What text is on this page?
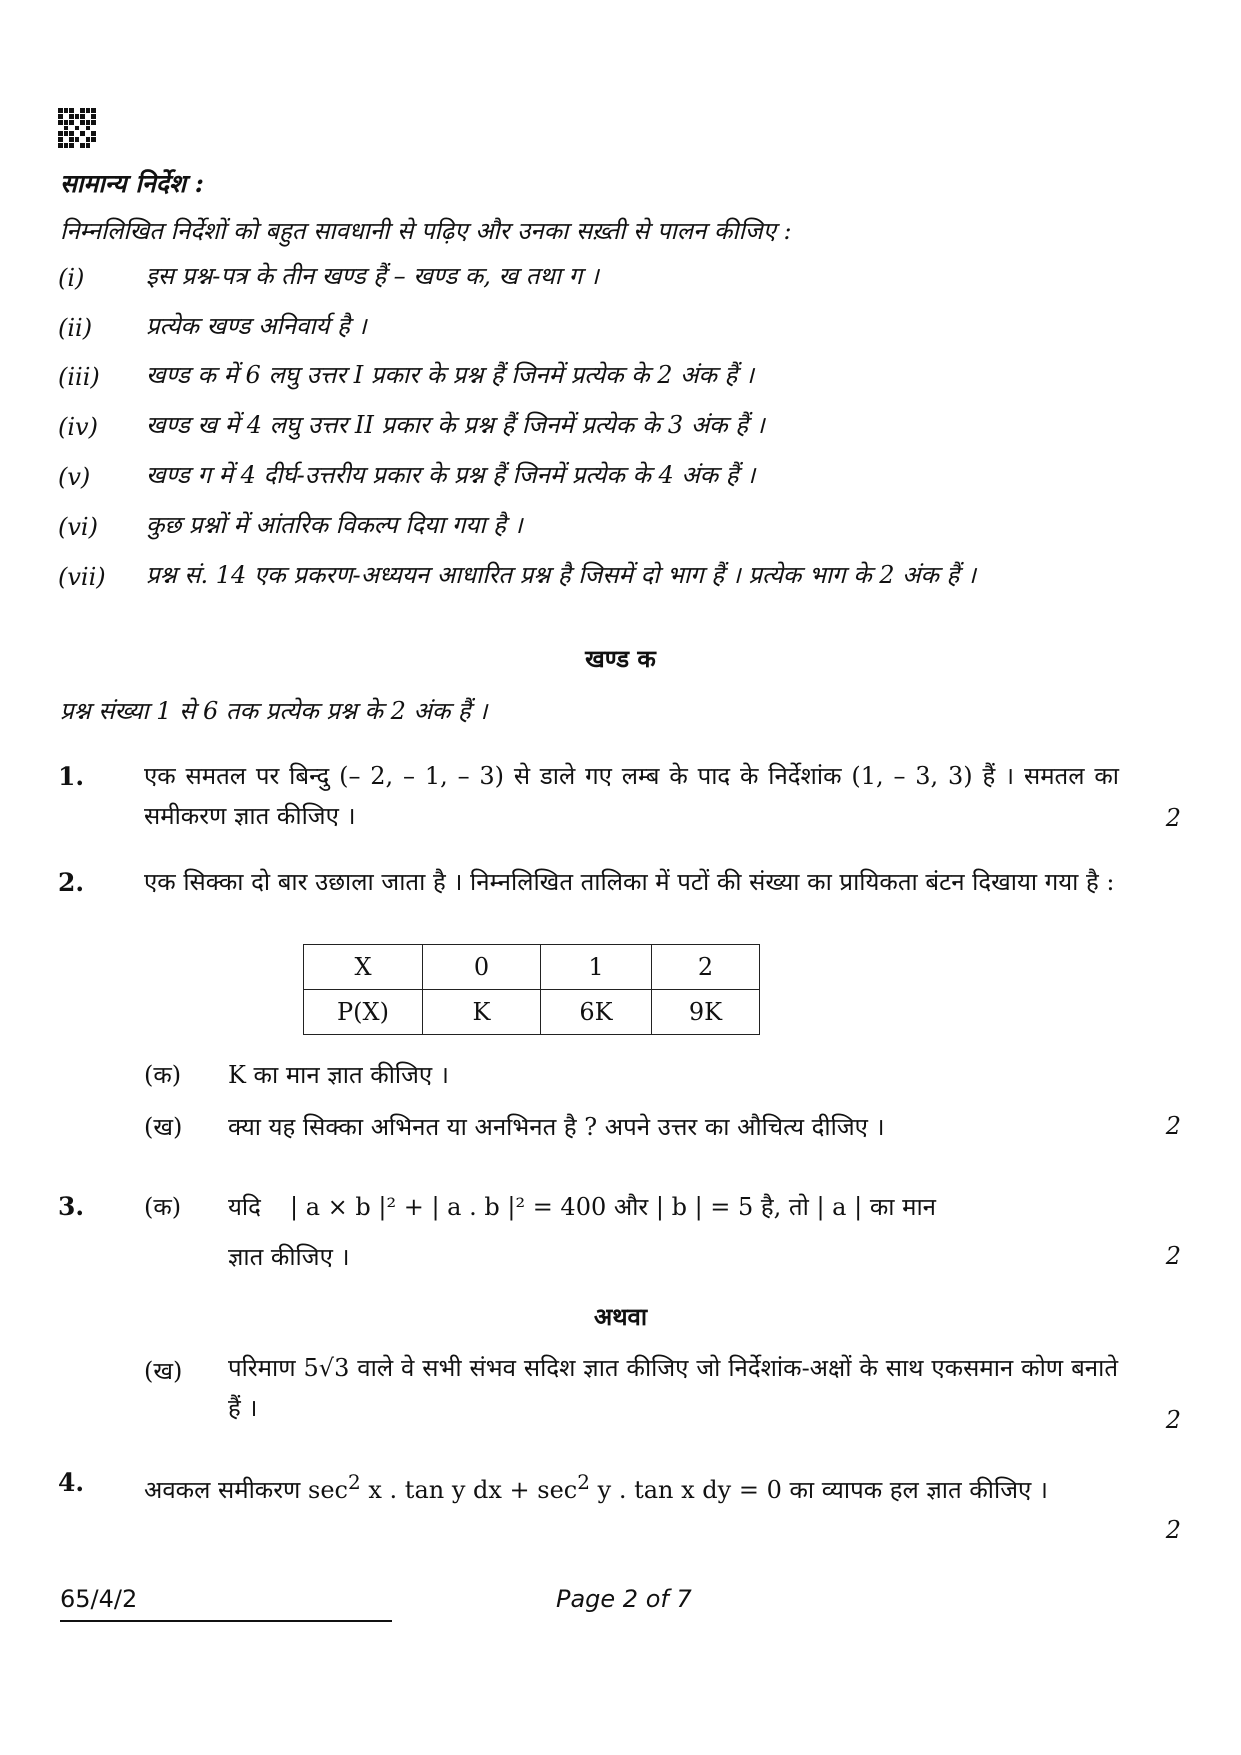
सामान्य निर्देश :
निम्नलिखित निर्देशों को बहुत सावधानी से पढ़िए और उनका सख़्ती से पालन कीजिए :
(i)	इस प्रश्न-पत्र के तीन खण्ड हैं – खण्ड क, ख तथा ग ।
(ii) प्रत्येक खण्ड अनिवार्य है ।
(iii) खण्ड क में 6 लघु उत्तर I प्रकार के प्रश्न हैं जिनमें प्रत्येक के 2 अंक हैं ।
(iv) खण्ड ख में 4 लघु उत्तर II प्रकार के प्रश्न हैं जिनमें प्रत्येक के 3 अंक हैं ।
(v) खण्ड ग में 4 दीर्घ-उत्तरीय प्रकार के प्रश्न हैं जिनमें प्रत्येक के 4 अंक हैं ।
(vi) कुछ प्रश्नों में आंतरिक विकल्प दिया गया है ।
(vii) प्रश्न सं. 14 एक प्रकरण-अध्ययन आधारित प्रश्न है जिसमें दो भाग हैं । प्रत्येक भाग के 2 अंक हैं ।
खण्ड क
प्रश्न संख्या 1 से 6 तक प्रत्येक प्रश्न के 2 अंक हैं ।
1. एक समतल पर बिन्दु (– 2, – 1, – 3) से डाले गए लम्ब के पाद के निर्देशांक (1, – 3, 3) हैं । समतल का समीकरण ज्ञात कीजिए ।	2
2. एक सिक्का दो बार उछाला जाता है । निम्नलिखित तालिका में पटों की संख्या का प्रायिकता बंटन दिखाया गया है :
X	0	1	2
P(X)	K	6K	9K
(क) K का मान ज्ञात कीजिए ।
(ख) क्या यह सिक्का अभिनत या अनभिनत है ? अपने उत्तर का औचित्य दीजिए ।	2
3. (क) यदि | a × b |² + | a . b |² = 400 और | b | = 5 है, तो | a | का मान
ज्ञात कीजिए ।	2
अथवा
(ख) परिमाण 5√3 वाले वे सभी संभव सदिश ज्ञात कीजिए जो निर्देशांक-अक्षों के साथ एकसमान कोण बनाते हैं ।	2
4. अवकल समीकरण $\sec^2 x$ . tan y dx + $\sec^2 y$ . tan x dy = 0 का व्यापक हल ज्ञात कीजिए ।
2
65/4/2	Page 2 of 7
